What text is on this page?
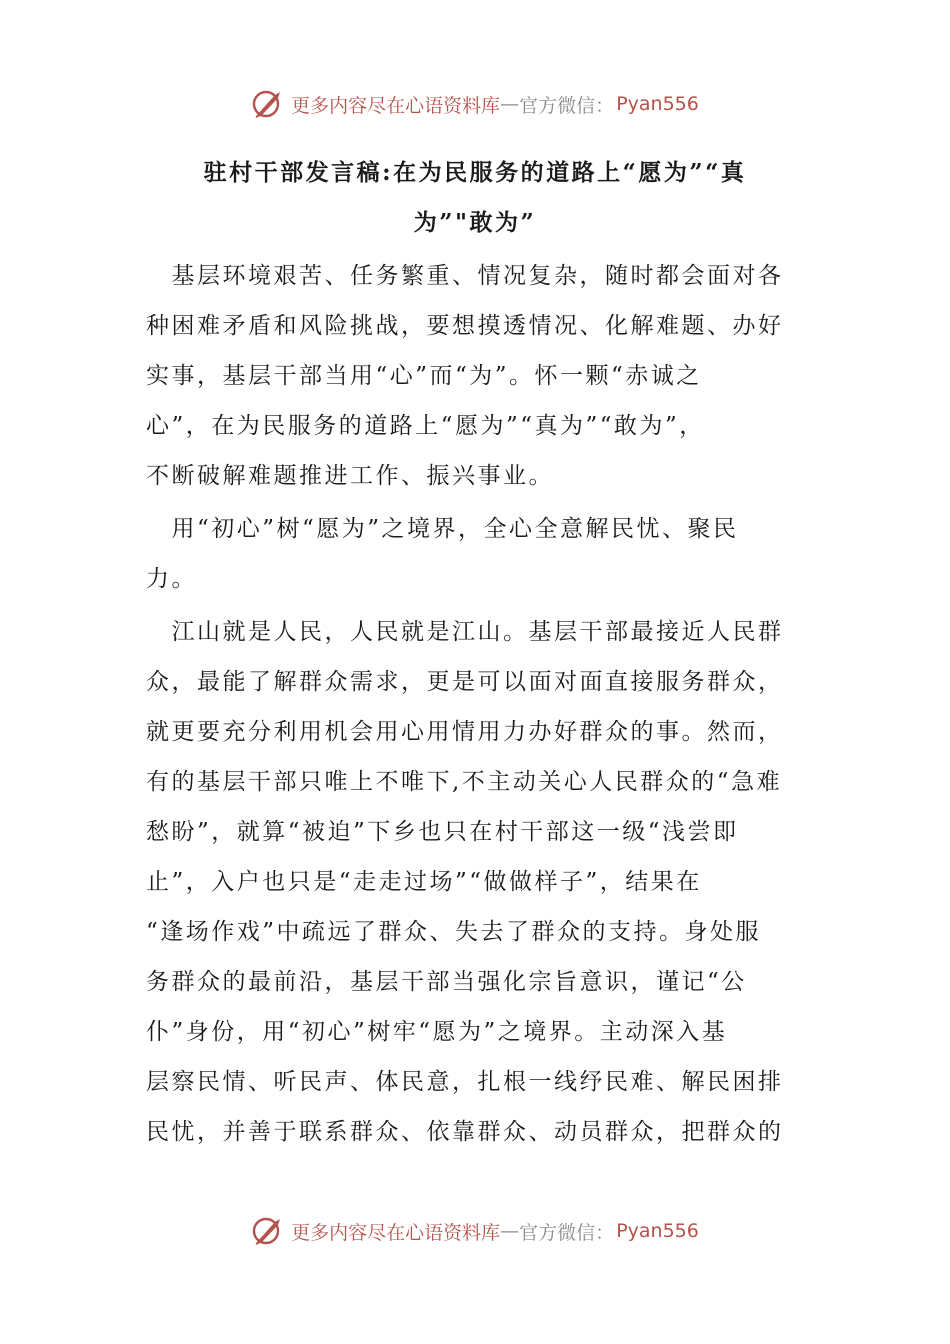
更多内容尽在心语资料库 — 官方微信： Pyan556
驻村干部发言稿:在为民服务的道路上“愿为”“真
为”"敢为”
　基层环境艰苦、任务繁重、情况复杂，随时都会面对各
种困难矛盾和风险挑战，要想摸透情况、化解难题、办好
实事，基层干部当用“心”而“为”。怀一颗“赤诚之
心”，在为民服务的道路上“愿为”“真为”“敢为”，
不断破解难题推进工作、振兴事业。
　用“初心”树“愿为”之境界，全心全意解民忧、聚民
力。
　江山就是人民，人民就是江山。基层干部最接近人民群
众，最能了解群众需求，更是可以面对面直接服务群众，
就更要充分利用机会用心用情用力办好群众的事。然而，
有的基层干部只唯上不唯下,不主动关心人民群众的“急难
愁盼”，就算“被迫”下乡也只在村干部这一级“浅尝即
止”，入户也只是“走走过场”“做做样子”，结果在
“逢场作戏”中疏远了群众、失去了群众的支持。身处服
务群众的最前沿，基层干部当强化宗旨意识，谨记“公
仆”身份，用“初心”树牢“愿为”之境界。主动深入基
层察民情、听民声、体民意，扎根一线纾民难、解民困排
民忧，并善于联系群众、依靠群众、动员群众，把群众的
更多内容尽在心语资料库 — 官方微信： Pyan556
